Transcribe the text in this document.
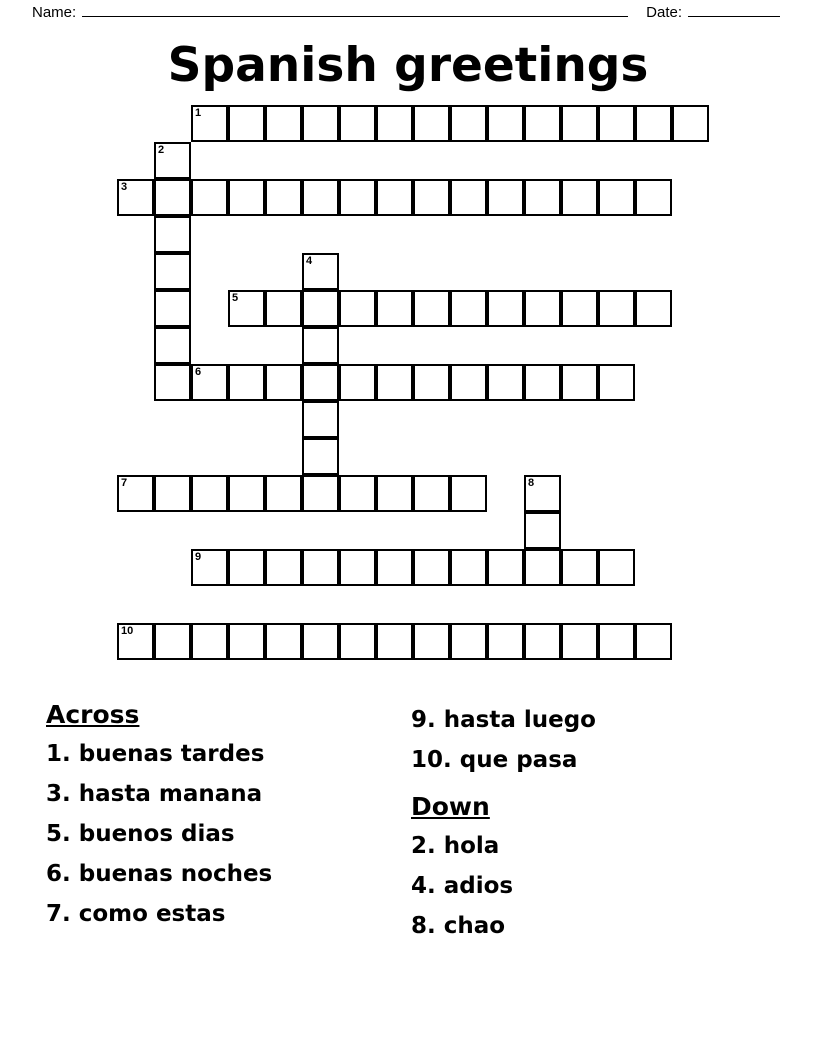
Name:	Date:
Spanish greetings
1
2
3
4
5
6
7	8
9
10
Across
1. buenas tardes
3. hasta manana
5. buenos dias
6. buenas noches
7. como estas
9. hasta luego
10. que pasa
Down
2. hola
4. adios
8. chao
